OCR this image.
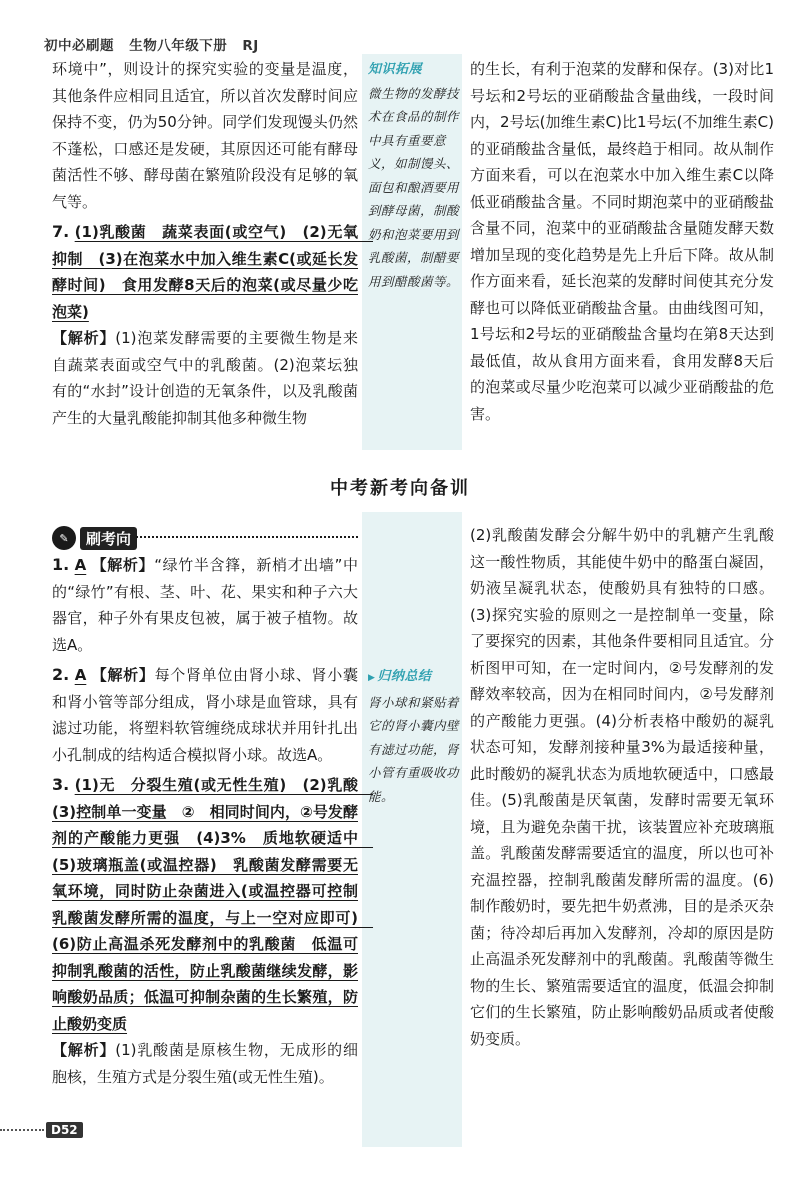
初中必刷题 生物八年级下册 RJ

环境中”，则设计的探究实验的变量是温度，其他条件应相同且适宜，所以首次发酵时间应保持不变，仍为50分钟。同学们发现馒头仍然不蓬松，口感还是发硬，其原因还可能有酵母菌活性不够、酵母菌在繁殖阶段没有足够的氧气等。

7. (1)乳酸菌　蔬菜表面(或空气)　(2)无氧　抑制　(3)在泡菜水中加入维生素C(或延长发酵时间)　食用发酵8天后的泡菜(或尽量少吃泡菜)

【解析】(1)泡菜发酵需要的主要微生物是来自蔬菜表面或空气中的乳酸菌。(2)泡菜坛独有的“水封”设计创造的无氧条件，以及乳酸菌产生的大量乳酸能抑制其他多种微生物

知识拓展
微生物的发酵技术在食品的制作中具有重要意义，如制馒头、面包和酿酒要用到酵母菌，制酸奶和泡菜要用到乳酸菌，制醋要用到醋酸菌等。

的生长，有利于泡菜的发酵和保存。(3)对比1号坛和2号坛的亚硝酸盐含量曲线，一段时间内，2号坛(加维生素C)比1号坛(不加维生素C)的亚硝酸盐含量低，最终趋于相同。故从制作方面来看，可以在泡菜水中加入维生素C以降低亚硝酸盐含量。不同时期泡菜中的亚硝酸盐含量不同，泡菜中的亚硝酸盐含量随发酵天数增加呈现的变化趋势是先上升后下降。故从制作方面来看，延长泡菜的发酵时间使其充分发酵也可以降低亚硝酸盐含量。由曲线图可知，1号坛和2号坛的亚硝酸盐含量均在第8天达到最低值，故从食用方面来看，食用发酵8天后的泡菜或尽量少吃泡菜可以减少亚硝酸盐的危害。

中考新考向备训
✎	刷考向

1. A 【解析】“绿竹半含箨，新梢才出墙”中的“绿竹”有根、茎、叶、花、果实和种子六大器官，种子外有果皮包被，属于被子植物。故选A。

2. A 【解析】每个肾单位由肾小球、肾小囊和肾小管等部分组成，肾小球是血管球，具有滤过功能，将塑料软管缠绕成球状并用针扎出小孔制成的结构适合模拟肾小球。故选A。

3. (1)无　分裂生殖(或无性生殖)　(2)乳酸　(3)控制单一变量　②　相同时间内，②号发酵剂的产酸能力更强　(4)3%　质地软硬适中　(5)玻璃瓶盖(或温控器)　乳酸菌发酵需要无氧环境，同时防止杂菌进入(或温控器可控制乳酸菌发酵所需的温度，与上一空对应即可)　(6)防止高温杀死发酵剂中的乳酸菌　低温可抑制乳酸菌的活性，防止乳酸菌继续发酵，影响酸奶品质；低温可抑制杂菌的生长繁殖，防止酸奶变质

【解析】(1)乳酸菌是原核生物，无成形的细胞核，生殖方式是分裂生殖(或无性生殖)。

▶ 归纳总结
肾小球和紧贴着它的肾小囊内壁有滤过功能，肾小管有重吸收功能。

(2)乳酸菌发酵会分解牛奶中的乳糖产生乳酸这一酸性物质，其能使牛奶中的酪蛋白凝固，奶液呈凝乳状态，使酸奶具有独特的口感。(3)探究实验的原则之一是控制单一变量，除了要探究的因素，其他条件要相同且适宜。分析图甲可知，在一定时间内，②号发酵剂的发酵效率较高，因为在相同时间内，②号发酵剂的产酸能力更强。(4)分析表格中酸奶的凝乳状态可知，发酵剂接种量3%为最适接种量，此时酸奶的凝乳状态为质地软硬适中，口感最佳。(5)乳酸菌是厌氧菌，发酵时需要无氧环境，且为避免杂菌干扰，该装置应补充玻璃瓶盖。乳酸菌发酵需要适宜的温度，所以也可补充温控器，控制乳酸菌发酵所需的温度。(6)制作酸奶时，要先把牛奶煮沸，目的是杀灭杂菌；待冷却后再加入发酵剂，冷却的原因是防止高温杀死发酵剂中的乳酸菌。乳酸菌等微生物的生长、繁殖需要适宜的温度，低温会抑制它们的生长繁殖，防止影响酸奶品质或者使酸奶变质。

D52
